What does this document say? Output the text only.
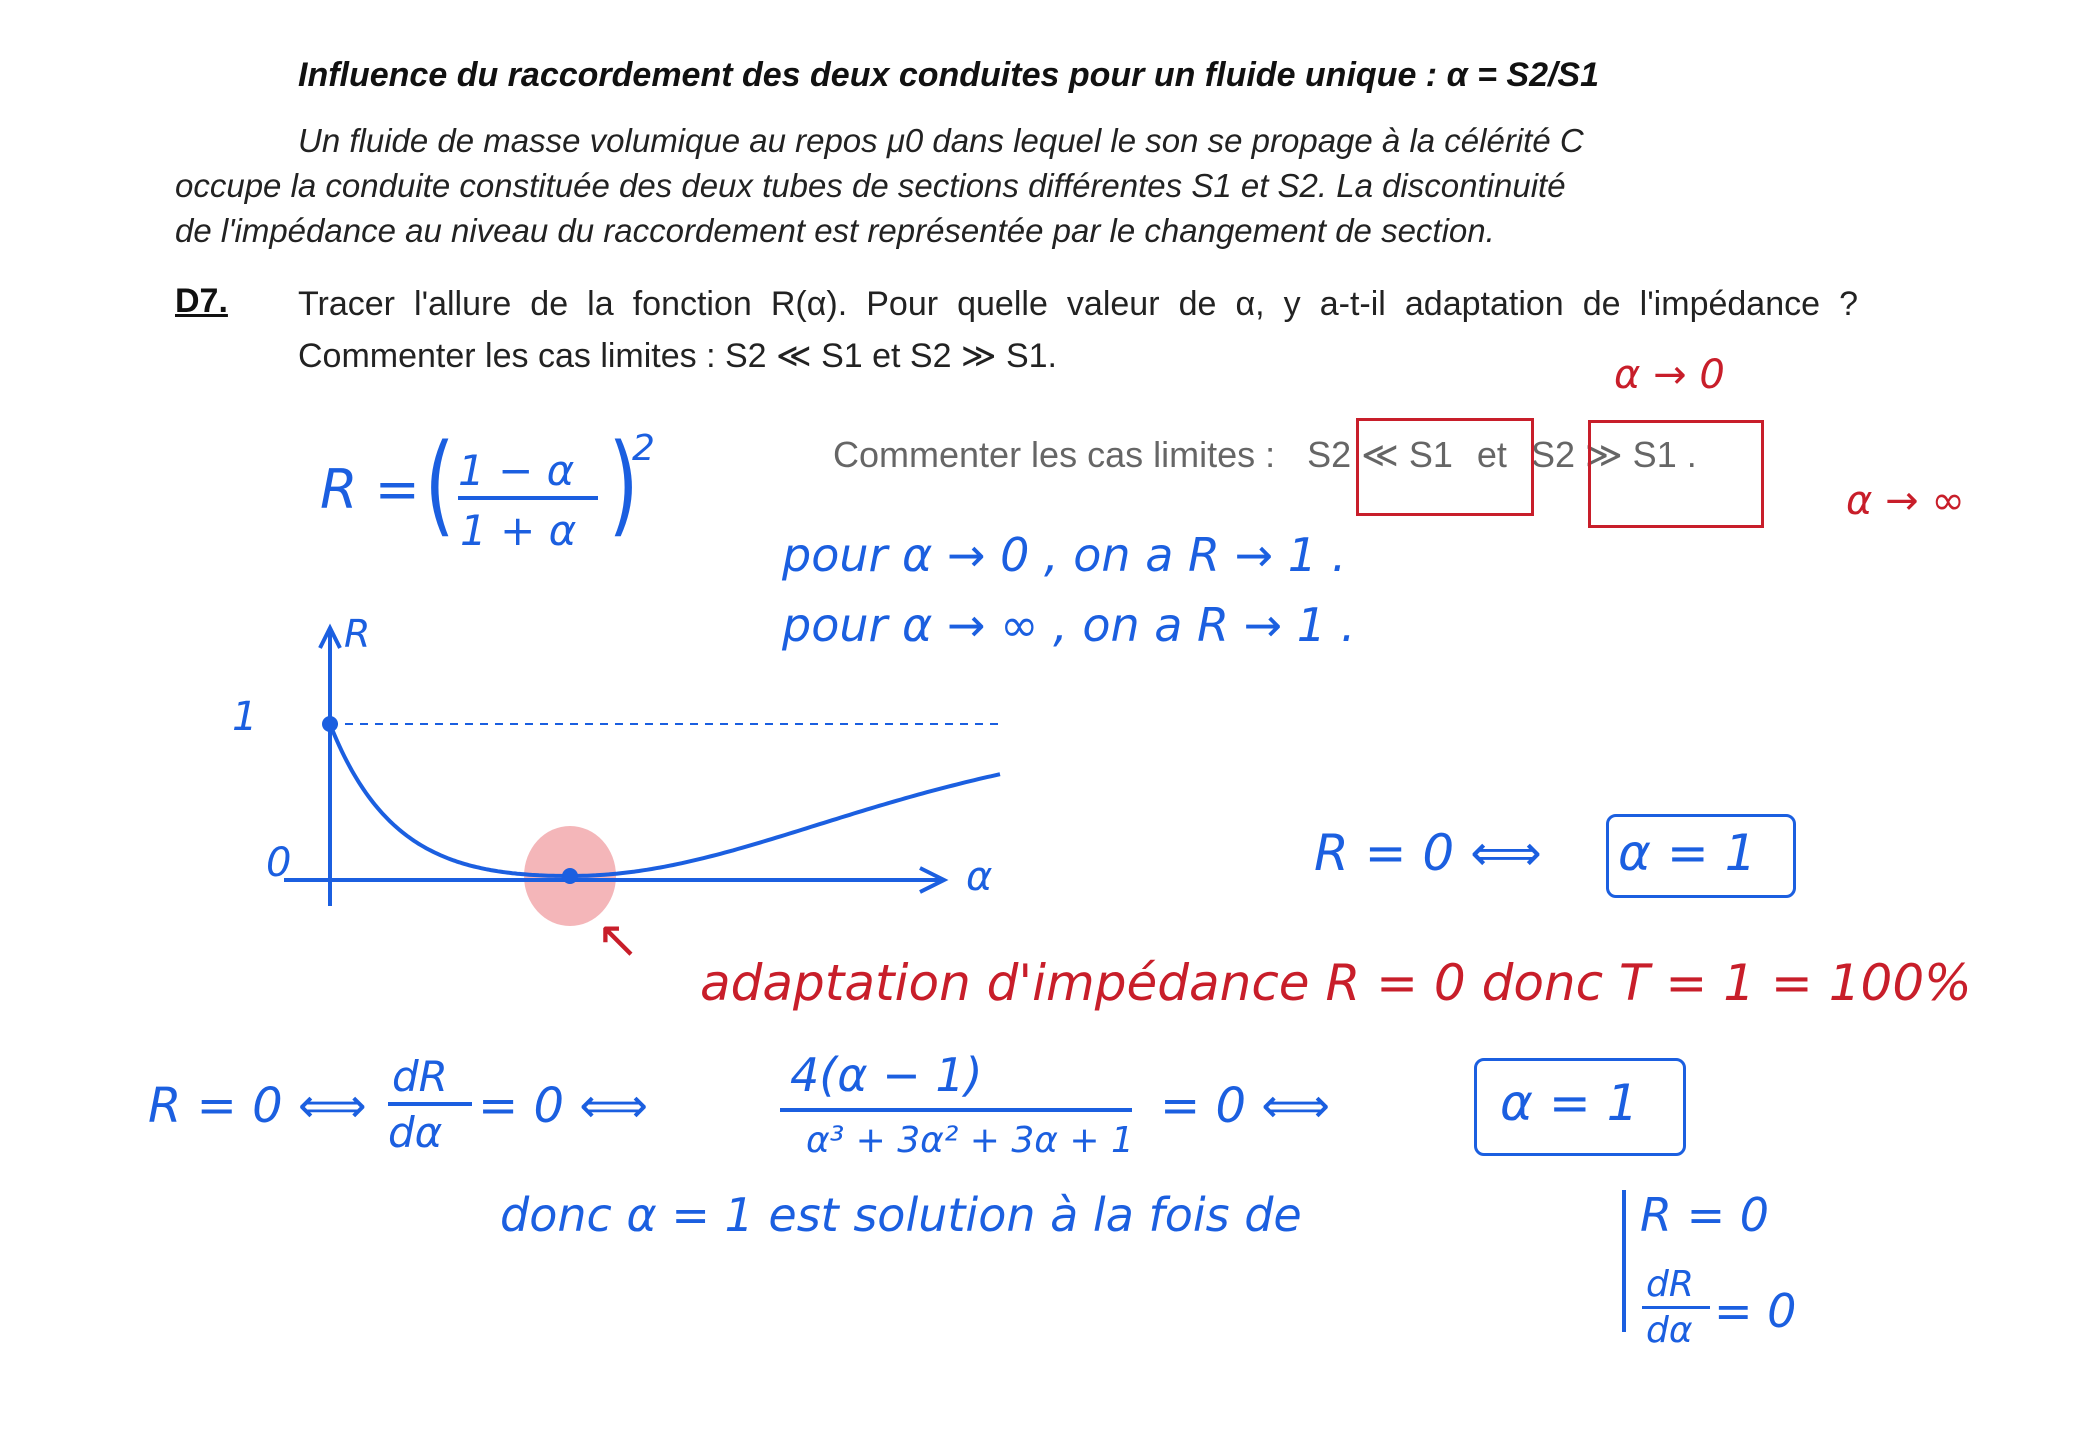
Influence du raccordement des deux conduites pour un fluide unique : α = S2/S1
Un fluide de masse volumique au repos μ0 dans lequel le son se propage à la célérité C
occupe la conduite constituée des deux tubes de sections différentes S1 et S2. La discontinuité
de l'impédance au niveau du raccordement est représentée par le changement de section.
D7. Tracer l'allure de la fonction R(α). Pour quelle valeur de α, y a-t-il adaptation de l'impédance ? Commenter les cas limites : S2 ≪ S1 et S2 ≫ S1.
Commenter les cas limites : S2 ≪ S1 et S2 ≫ S1 .
α → 0
α → ∞
R = ( 1 − α
1 + α )
2
pour α → 0 , on a R → 1 .
pour α → ∞ , on a R → 1 .
R
α
1
0	R = 0 ⟺ α = 1
↖
adaptation d'impédance R = 0 donc T = 1 = 100%
R = 0 ⟺
dR
dα = 0 ⟺
4(α − 1)
α³ + 3α² + 3α + 1
= 0 ⟺	α = 1
donc α = 1 est solution à la fois de	R = 0
dR
dα = 0
